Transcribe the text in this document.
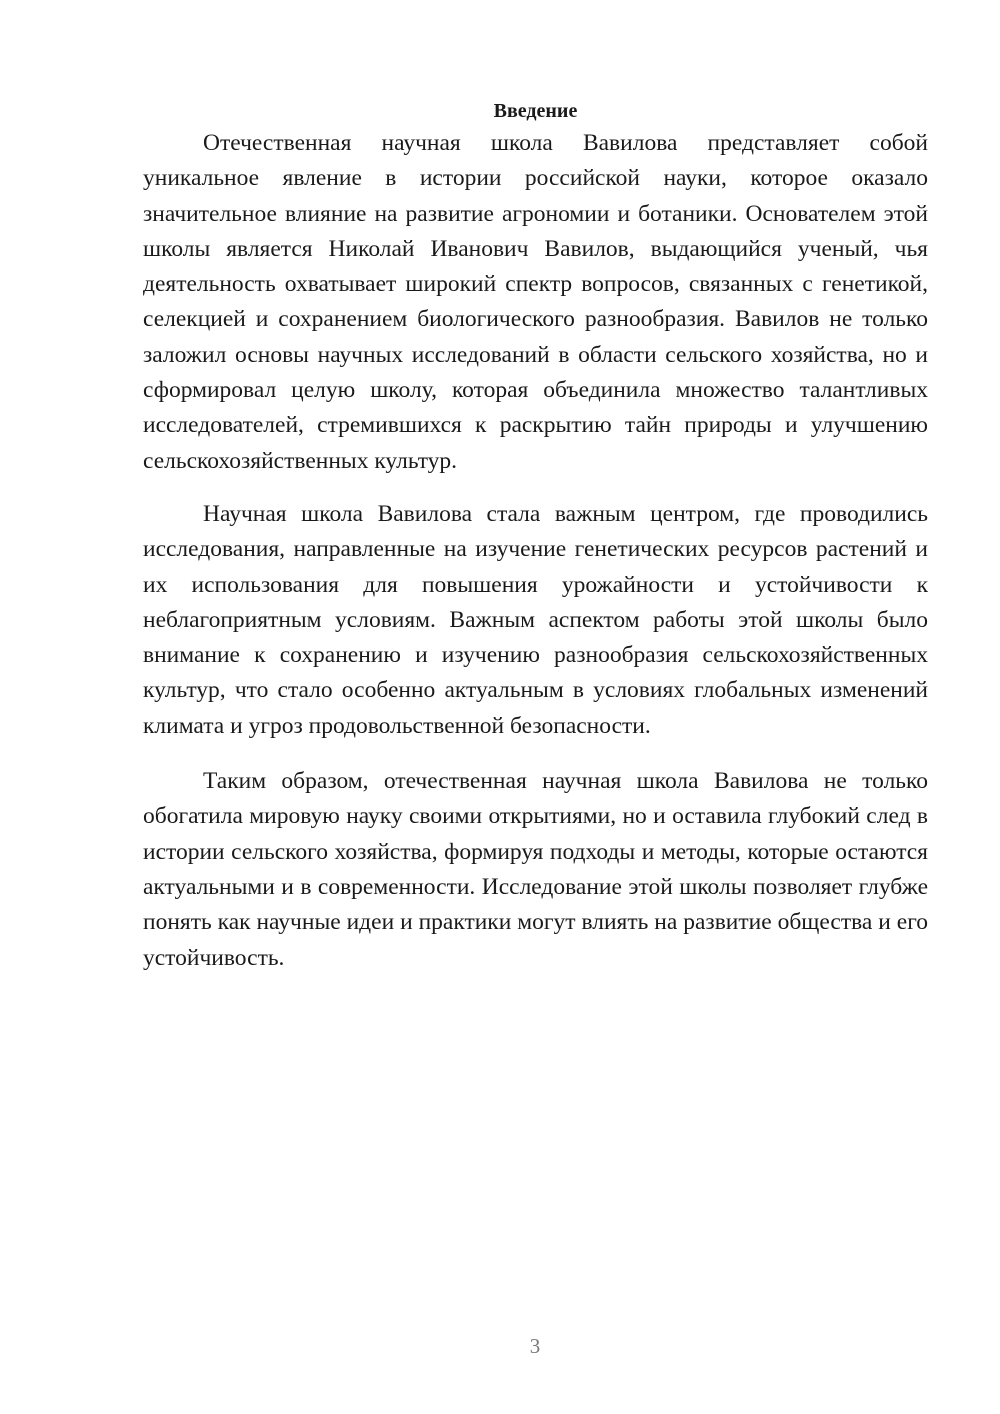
Введение

Отечественная научная школа Вавилова представляет собой уникальное явление в истории российской науки, которое оказало значительное влияние на развитие агрономии и ботаники. Основателем этой школы является Николай Иванович Вавилов, выдающийся ученый, чья деятельность охватывает широкий спектр вопросов, связанных с генетикой, селекцией и сохранением биологического разнообразия. Вавилов не только заложил основы научных исследований в области сельского хозяйства, но и сформировал целую школу, которая объединила множество талантливых исследователей, стремившихся к раскрытию тайн природы и улучшению сельскохозяйственных культур.

Научная школа Вавилова стала важным центром, где проводились исследования, направленные на изучение генетических ресурсов растений и их использования для повышения урожайности и устойчивости к неблагоприятным условиям. Важным аспектом работы этой школы было внимание к сохранению и изучению разнообразия сельскохозяйственных культур, что стало особенно актуальным в условиях глобальных изменений климата и угроз продовольственной безопасности.

Таким образом, отечественная научная школа Вавилова не только обогатила мировую науку своими открытиями, но и оставила глубокий след в истории сельского хозяйства, формируя подходы и методы, которые остаются актуальными и в современности. Исследование этой школы позволяет глубже понять как научные идеи и практики могут влиять на развитие общества и его устойчивость.

3
